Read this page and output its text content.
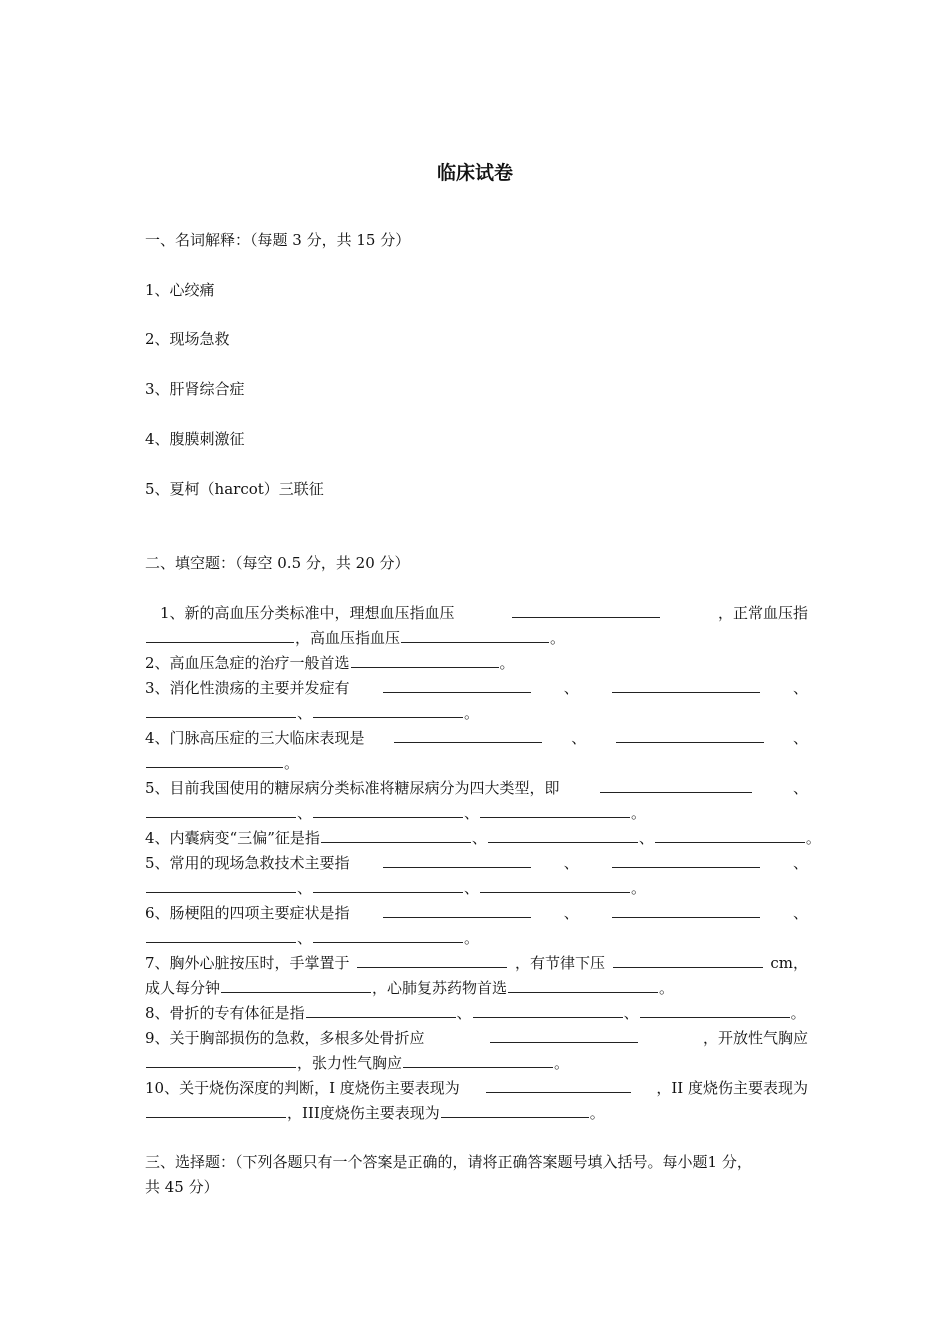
临床试卷
一、名词解释：（每题 3 分，共 15 分）
1、心绞痛
2、现场急救
3、肝肾综合症
4、腹膜刺激征
5、夏柯（harcot）三联征
二、填空题：（每空 0.5 分，共 20 分）
1、新的高血压分类标准中，理想血压指血压	，正常血压指
，高血压指血压	。
2、高血压急症的治疗一般首选	。
3、消化性溃疡的主要并发症有	、	、
、	。
4、门脉高压症的三大临床表现是	、	、
。
5、目前我国使用的糖尿病分类标准将糖尿病分为四大类型，即	、
、	、	。
4、内囊病变“三偏”征是指	、	、	。
5、常用的现场急救技术主要指	、	、
、	、	。
6、肠梗阻的四项主要症状是指	、	、
、	。
7、胸外心脏按压时，手掌置于	，有节律下压	cm，
成人每分钟	，心肺复苏药物首选	。
8、骨折的专有体征是指	、	、	。
9、关于胸部损伤的急救，多根多处骨折应	，开放性气胸应
，张力性气胸应	。
10、关于烧伤深度的判断，I 度烧伤主要表现为	，II 度烧伤主要表现为
，III度烧伤主要表现为	。
三、选择题：（下列各题只有一个答案是正确的，请将正确答案题号填入括号。每小题1 分，
共 45 分）
